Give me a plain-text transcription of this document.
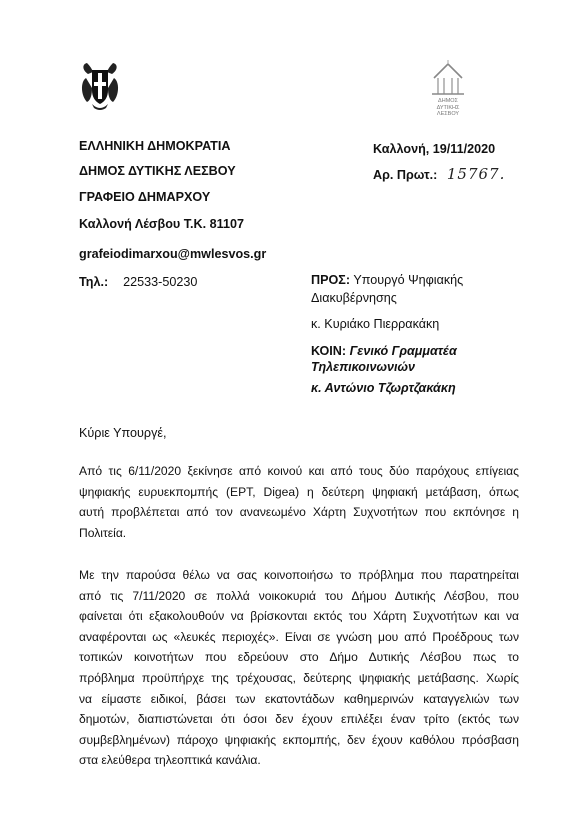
ΔΗΜΟΣ
ΔΥΤΙΚΗΣ
ΛΕΣΒΟΥ
ΕΛΛΗΝΙΚΗ ΔΗΜΟΚΡΑΤΙΑ
ΔΗΜΟΣ ΔΥΤΙΚΗΣ ΛΕΣΒΟΥ
ΓΡΑΦΕΙΟ ΔΗΜΑΡΧΟΥ
Καλλονή Λέσβου Τ.Κ. 81107
grafeiodimarxou@mwlesvos.gr
Τηλ.: 22533-50230
Καλλονή, 19/11/2020
Αρ. Πρωτ.: 15767.
ΠΡΟΣ: Υπουργό Ψηφιακής
Διακυβέρνησης
κ. Κυριάκο Πιερρακάκη
ΚΟΙΝ: Γενικό Γραμματέα
Τηλεπικοινωνιών
κ. Αντώνιο Τζωρτζακάκη
Κύριε Υπουργέ,
Από τις 6/11/2020 ξεκίνησε από κοινού και από τους δύο παρόχους επίγειας
ψηφιακής ευρυεκπομπής (ΕΡΤ, Digea) η δεύτερη ψηφιακή μετάβαση, όπως
αυτή προβλέπεται από τον ανανεωμένο Χάρτη Συχνοτήτων που εκπόνησε η
Πολιτεία.
Με την παρούσα θέλω να σας κοινοποιήσω το πρόβλημα που παρατηρείται
από τις 7/11/2020 σε πολλά νοικοκυριά του Δήμου Δυτικής Λέσβου, που
φαίνεται ότι εξακολουθούν να βρίσκονται εκτός του Χάρτη Συχνοτήτων και να
αναφέρονται ως «λευκές περιοχές». Είναι σε γνώση μου από Προέδρους των
τοπικών κοινοτήτων που εδρεύουν στο Δήμο Δυτικής Λέσβου πως το
πρόβλημα προϋπήρχε της τρέχουσας, δεύτερης ψηφιακής μετάβασης. Χωρίς
να είμαστε ειδικοί, βάσει των εκατοντάδων καθημερινών καταγγελιών των
δημοτών, διαπιστώνεται ότι όσοι δεν έχουν επιλέξει έναν τρίτο (εκτός των
συμβεβλημένων) πάροχο ψηφιακής εκπομπής, δεν έχουν καθόλου πρόσβαση
στα ελεύθερα τηλεοπτικά κανάλια.
